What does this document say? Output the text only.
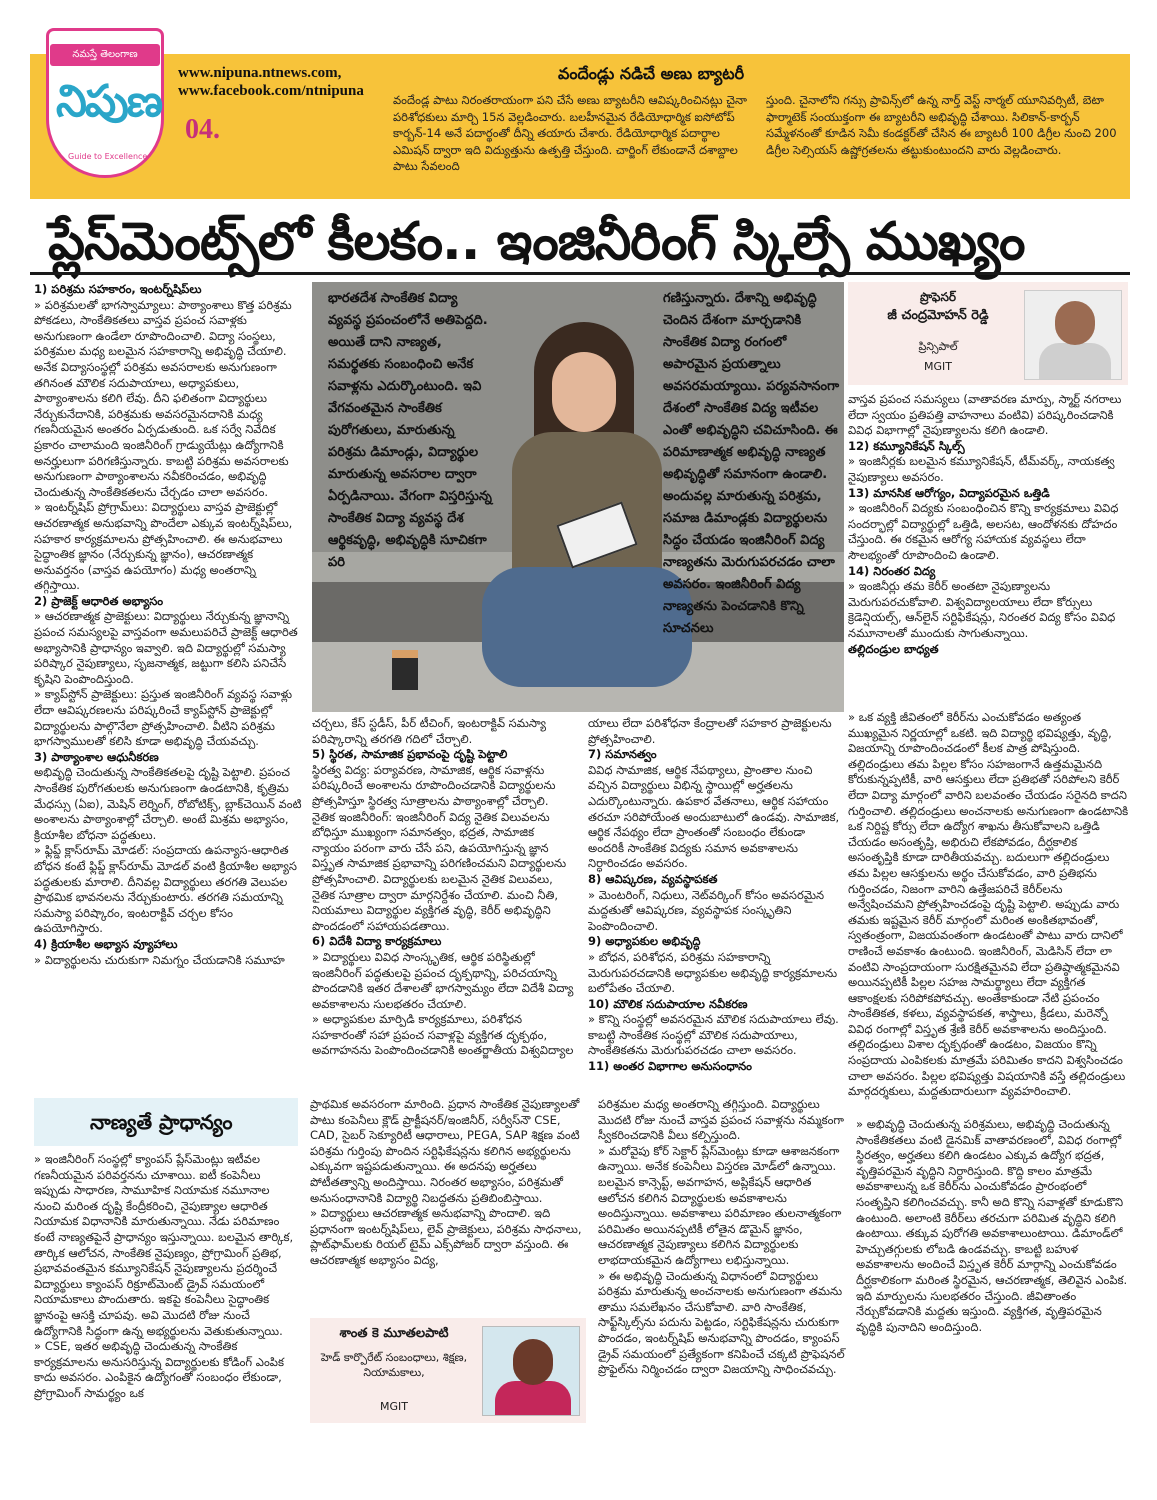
నమస్తే తెలంగాణ
నిపుణ
Guide to Excellence
04.
www.nipuna.ntnews.com,
www.facebook.com/ntnipuna
వందేండ్లు నడిచే అణు బ్యాటరీ
వందేండ్ల పాటు నిరంతరాయంగా పని చేసే అణు బ్యాటరీని ఆవిష్కరించినట్లు చైనా పరిశోధకులు మార్చి 15న వెల్లడించారు. బలహీనమైన రేడియోధార్మిక ఐసోటోప్ కార్బన్-14 అనే పదార్థంతో దీన్ని తయారు చేశారు. రేడియోధార్మిక పదార్థాల ఎమిషన్ ద్వారా ఇది విద్యుత్తును ఉత్పత్తి చేస్తుంది. చార్జింగ్ లేకుండానే దశాబ్దాల పాటు సేవలంది
స్తుంది. చైనాలోని గన్సు ప్రావిన్స్‌లో ఉన్న నార్త్ వెస్ట్ నార్మల్ యూనివర్సిటీ, బెటా ఫార్మాటెక్ సంయుక్తంగా ఈ బ్యాటరీని అభివృద్ధి చేశాయి. సిలికాన్-కార్బన్ సమ్మేళనంతో కూడిన సెమీ కండక్టర్‌తో చేసిన ఈ బ్యాటరీ 100 డిగ్రీల నుంచి 200 డిగ్రీల సెల్సియస్ ఉష్ణోగ్రతలను తట్టుకుంటుందని వారు వెల్లడించారు.
ప్లేస్‌మెంట్స్‌లో కీలకం.. ఇంజినీరింగ్ స్కిల్సే ముఖ్యం
1) పరిశ్రమ సహకారం, ఇంటర్న్‌షిప్‌లు
» పరిశ్రమలతో భాగస్వామ్యాలు: పాఠ్యాంశాలు కొత్త పరిశ్రమ పోకడలు, సాంకేతికతలు వాస్తవ ప్రపంచ సవాళ్లకు అనుగుణంగా ఉండేలా రూపొందించాలి. విద్యా సంస్థలు, పరిశ్రమల మధ్య బలమైన సహకారాన్ని అభివృద్ధి చేయాలి. అనేక విద్యాసంస్థల్లో పరిశ్రమ అవసరాలకు అనుగుణంగా తగినంత మౌలిక సదుపాయాలు, అధ్యాపకులు, పాఠ్యాంశాలను కలిగి లేవు. దీని ఫలితంగా విద్యార్థులు నేర్చుకునేదానికి, పరిశ్రమకు అవసరమైనదానికి మధ్య గణనీయమైన అంతరం ఏర్పడుతుంది. ఒక సర్వే నివేదిక ప్రకారం చాలామంది ఇంజినీరింగ్ గ్రాడ్యుయేట్లు ఉద్యోగానికి అనర్హులుగా పరిగణిస్తున్నారు. కాబట్టి పరిశ్రమ అవసరాలకు అనుగుణంగా పాఠ్యాంశాలను నవీకరించడం, అభివృద్ధి చెందుతున్న సాంకేతికతలను చేర్చడం చాలా అవసరం.
» ఇంటర్న్‌షిప్ ప్రోగ్రామ్‌లు: విద్యార్థులు వాస్తవ ప్రాజెక్టుల్లో ఆచరణాత్మక అనుభవాన్ని పొందేలా ఎక్కువ ఇంటర్న్‌షిప్‌లు, సహకార కార్యక్రమాలను ప్రోత్సహించాలి. ఈ అనుభవాలు సైద్ధాంతిక జ్ఞానం (నేర్చుకున్న జ్ఞానం), ఆచరణాత్మక అనువర్తనం (వాస్తవ ఉపయోగం) మధ్య అంతరాన్ని తగ్గిస్తాయి.
2) ప్రాజెక్ట్ ఆధారిత అభ్యాసం
» ఆచరణాత్మక ప్రాజెక్టులు: విద్యార్థులు నేర్చుకున్న జ్ఞానాన్ని ప్రపంచ సమస్యలపై వాస్తవంగా అమలుపరిచే ప్రాజెక్ట్ ఆధారిత అభ్యాసానికి ప్రాధాన్యం ఇవ్వాలి. ఇది విద్యార్థుల్లో సమస్యా పరిష్కార నైపుణ్యాలు, సృజనాత్మక, జట్టుగా కలిసి పనిచేసే కృషిని పెంపొందిస్తుంది.
» క్యాప్‌స్టోన్ ప్రాజెక్టులు: ప్రస్తుత ఇంజినీరింగ్ వ్యవస్థ సవాళ్లు లేదా ఆవిష్కరణలను పరిష్కరించే క్యాప్‌స్టోన్ ప్రాజెక్టుల్లో విద్యార్థులను పాల్గొనేలా ప్రోత్సహించాలి. వీటిని పరిశ్రమ భాగస్వాములతో కలిసి కూడా అభివృద్ధి చేయవచ్చు.
3) పాఠ్యాంశాల ఆధునీకరణ
అభివృద్ధి చెందుతున్న సాంకేతికతలపై దృష్టి పెట్టాలి. ప్రపంచ సాంకేతిక పురోగతులకు అనుగుణంగా ఉండటానికి, కృత్రిమ మేధస్సు (ఏఐ), మెషిన్ లెర్నింగ్, రోబోటిక్స్, బ్లాక్‌చెయిన్ వంటి అంశాలను పాఠ్యాంశాల్లో చేర్చాలి. అంటే మిశ్రమ అభ్యాసం, క్రియాశీల బోధనా పద్ధతులు.
» ఫ్లిప్డ్ క్లాస్‌రూమ్ మోడల్: సంప్రదాయ ఉపన్యాస-ఆధారిత బోధన కంటే ఫ్లిప్డ్ క్లాస్‌రూమ్ మోడల్ వంటి క్రియాశీల అభ్యాస పద్ధతులకు మారాలి. దీనివల్ల విద్యార్థులు తరగతి వెలుపల ప్రాథమిక భావనలను నేర్చుకుంటారు. తరగతి సమయాన్ని సమస్యా పరిష్కారం, ఇంటరాక్టివ్ చర్చల కోసం ఉపయోగిస్తారు.
4) క్రియాశీల అభ్యాస వ్యూహాలు
» విద్యార్థులను చురుకుగా నిమగ్నం చేయడానికి సమూహ
భారతదేశ సాంకేతిక విద్యా వ్యవస్థ ప్రపంచంలోనే అతిపెద్దది. అయితే దాని నాణ్యత, సమర్థతకు సంబంధించి అనేక సవాళ్లను ఎదుర్కొంటుంది. ఇవి వేగవంతమైన సాంకేతిక పురోగతులు, మారుతున్న పరిశ్రమ డిమాండ్లు, విద్యార్థుల మారుతున్న అవసరాల ద్వారా ఏర్పడినాయి. వేగంగా విస్తరిస్తున్న సాంకేతిక విద్యా వ్యవస్థ దేశ ఆర్థికవృద్ధి, అభివృద్ధికి సూచికగా పరి
గణిస్తున్నారు. దేశాన్ని అభివృద్ధి చెందిన దేశంగా మార్చడానికి సాంకేతిక విద్యా రంగంలో అపారమైన ప్రయత్నాలు అవసరమయ్యాయి. పర్యవసానంగా దేశంలో సాంకేతిక విద్య ఇటీవల ఎంతో అభివృద్ధిని చవిచూసింది. ఈ పరిమాణాత్మక అభివృద్ధి నాణ్యత అభివృద్ధితో సమానంగా ఉండాలి. అందువల్ల మారుతున్న పరిశ్రమ, సమాజ డిమాండ్లకు విద్యార్థులను సిద్ధం చేయడం ఇంజినీరింగ్ విద్య నాణ్యతను మెరుగుపరచడం చాలా అవసరం. ఇంజినీరింగ్ విద్య నాణ్యతను పెంచడానికి కొన్ని సూచనలు
చర్చలు, కేస్ స్టడీస్, పీర్ టీచింగ్, ఇంటరాక్టివ్ సమస్యా పరిష్కారాన్ని తరగతి గదిలో చేర్చాలి.
5) స్థిరత, సామాజిక ప్రభావంపై దృష్టి పెట్టాలి
స్థిరత్వ విద్య: పర్యావరణ, సామాజిక, ఆర్థిక సవాళ్లను పరిష్కరించే అంశాలను రూపొందించడానికి విద్యార్థులను ప్రోత్సహిస్తూ స్థిరత్వ సూత్రాలను పాఠ్యాంశాల్లో చేర్చాలి.
నైతిక ఇంజినీరింగ్: ఇంజినీరింగ్ విద్య నైతిక విలువలను బోధిస్తూ ముఖ్యంగా సమానత్వం, భద్రత, సామాజిక న్యాయం పరంగా వారు చేసే పని, ఉపయోగిస్తున్న జ్ఞాన విస్తృత సామాజిక ప్రభావాన్ని పరిగణించమని విద్యార్థులను ప్రోత్సహించాలి. విద్యార్థులకు బలమైన నైతిక విలువలు, నైతిక సూత్రాల ద్వారా మార్గనిర్దేశం చేయాలి. మంచి నీతి, నియమాలు విద్యార్థుల వ్యక్తిగత వృద్ధి, కెరీర్ అభివృద్ధిని పొందడంలో సహాయపడతాయి.
6) విదేశీ విద్యా కార్యక్రమాలు
» విద్యార్థులు వివిధ సాంస్కృతిక, ఆర్థిక పరిస్థితుల్లో ఇంజినీరింగ్ పద్ధతులపై ప్రపంచ దృక్పథాన్ని, పరిచయాన్ని పొందడానికి ఇతర దేశాలతో భాగస్వామ్యం లేదా విదేశీ విద్యా అవకాశాలను సులభతరం చేయాలి.
» అధ్యాపకుల మార్పిడి కార్యక్రమాలు, పరిశోధన సహకారంతో సహా ప్రపంచ సవాళ్లపై వ్యక్తిగత దృక్పథం, అవగాహనను పెంపొందించడానికి అంతర్జాతీయ విశ్వవిద్యాల
యాలు లేదా పరిశోధనా కేంద్రాలతో సహకార ప్రాజెక్టులను ప్రోత్సహించాలి.
7) సమానత్వం
వివిధ సామాజిక, ఆర్థిక నేపథ్యాలు, ప్రాంతాల నుంచి వచ్చిన విద్యార్థులు విభిన్న స్థాయిల్లో అర్హతలను ఎదుర్కొంటున్నారు. ఉపకార వేతనాలు, ఆర్థిక సహాయం తరచూ సరిపోయేంత అందుబాటులో ఉండవు. సామాజిక, ఆర్థిక నేపథ్యం లేదా ప్రాంతంతో సంబంధం లేకుండా అందరికీ సాంకేతిక విద్యకు సమాన అవకాశాలను నిర్ధారించడం అవసరం.
8) ఆవిష్కరణ, వ్యవస్థాపకత
» మెంటరింగ్, నిధులు, నెట్‌వర్కింగ్ కోసం అవసరమైన మద్దతుతో ఆవిష్కరణ, వ్యవస్థాపక సంస్కృతిని పెంపొందించాలి.
9) అధ్యాపకుల అభివృద్ధి
» బోధన, పరిశోధన, పరిశ్రమ సహకారాన్ని మెరుగుపరచడానికి అధ్యాపకుల అభివృద్ధి కార్యక్రమాలను బలోపేతం చేయాలి.
10) మౌలిక సదుపాయాల నవీకరణ
» కొన్ని సంస్థల్లో అవసరమైన మౌలిక సదుపాయాలు లేవు. కాబట్టి సాంకేతిక సంస్థల్లో మౌలిక సదుపాయాలు, సాంకేతికతను మెరుగుపరచడం చాలా అవసరం.
11) అంతర విభాగాల అనుసంధానం
ప్రొఫెసర్
జీ చంద్రమోహన్ రెడ్డి
ప్రిన్సిపాల్
MGIT
వాస్తవ ప్రపంచ సమస్యలు (వాతావరణ మార్పు, స్మార్ట్ నగరాలు లేదా స్వయం ప్రతిపత్తి వాహనాలు వంటివి) పరిష్కరించడానికి వివిధ విభాగాల్లో నైపుణ్యాలను కలిగి ఉండాలి.
12) కమ్యూనికేషన్ స్కిల్స్
» ఇంజినీర్లకు బలమైన కమ్యూనికేషన్, టీమ్‌వర్క్, నాయకత్వ నైపుణ్యాలు అవసరం.
13) మానసిక ఆరోగ్యం, విద్యాపరమైన ఒత్తిడి
» ఇంజినీరింగ్ విద్యకు సంబంధించిన కొన్ని కార్యక్రమాలు వివిధ సందర్భాల్లో విద్యార్థుల్లో ఒత్తిడి, అలసట, ఆందోళనకు దోహదం చేస్తుంది. ఈ రకమైన ఆరోగ్య సహాయక వ్యవస్థలు లేదా సౌలభ్యంతో రూపొందించి ఉండాలి.
14) నిరంతర విద్య
» ఇంజినీర్లు తమ కెరీర్ అంతటా నైపుణ్యాలను మెరుగుపరచుకోవాలి. విశ్వవిద్యాలయాలు లేదా కోర్సులు క్రెడెన్షియల్స్, ఆన్‌లైన్ సర్టిఫికేషన్లు, నిరంతర విద్య కోసం వివిధ నమూనాలతో ముందుకు సాగుతున్నాయి.
తల్లిదండ్రుల బాధ్యత
» ఒక వ్యక్తి జీవితంలో కెరీర్‌ను ఎంచుకోవడం అత్యంత ముఖ్యమైన నిర్ణయాల్లో ఒకటి. ఇది విద్యార్థి భవిష్యత్తు, వృద్ధి, విజయాన్ని రూపొందించడంలో కీలక పాత్ర పోషిస్తుంది. తల్లిదండ్రులు తమ పిల్లల కోసం సహజంగానే ఉత్తమమైనది కోరుకున్నప్పటికీ, వారి ఆసక్తులు లేదా ప్రతిభతో సరిపోలని కెరీర్ లేదా విద్యా మార్గంలో వారిని బలవంతం చేయడం సరైనది కాదని గుర్తించాలి. తల్లిదండ్రులు అంచనాలకు అనుగుణంగా ఉండటానికి ఒక నిర్దిష్ట కోర్సు లేదా ఉద్యోగ శాఖను తీసుకోవాలని ఒత్తిడి చేయడం అసంతృప్తి, అభిరుచి లేకపోవడం, దీర్ఘకాలిక అసంతృప్తికి కూడా దారితీయవచ్చు. బదులుగా తల్లిదండ్రులు తమ పిల్లల ఆసక్తులను అర్థం చేసుకోవడం, వారి ప్రతిభను గుర్తించడం, నిజంగా వారిని ఉత్తేజపరిచే కెరీర్‌లను అన్వేషించమని ప్రోత్సహించడంపై దృష్టి పెట్టాలి. అప్పుడు వారు తమకు ఇష్టమైన కెరీర్ మార్గంలో మరింత అంకితభావంతో, స్వతంత్రంగా, విజయవంతంగా ఉండటంతో పాటు వారు దానిలో రాణించే అవకాశం ఉంటుంది. ఇంజినీరింగ్, మెడిసిన్ లేదా లా వంటివి సాంప్రదాయంగా సురక్షితమైనవి లేదా ప్రతిష్ఠాత్మకమైనవి అయినప్పటికీ పిల్లల సహజ సామర్థ్యాలు లేదా వ్యక్తిగత ఆకాంక్షలకు సరిపోకపోవచ్చు. అంతేకాకుండా నేటి ప్రపంచం సాంకేతికత, కళలు, వ్యవస్థాపకత, శాస్త్రాలు, క్రీడలు, మరెన్నో వివిధ రంగాల్లో విస్తృత శ్రేణి కెరీర్ అవకాశాలను అందిస్తుంది. తల్లిదండ్రులు విశాల దృక్పథంతో ఉండటం, విజయం కొన్ని సంప్రదాయ ఎంపికలకు మాత్రమే పరిమితం కాదని విశ్వసించడం చాలా అవసరం. పిల్లల భవిష్యత్తు విషయానికి వస్తే తల్లిదండ్రులు మార్గదర్శకులు, మద్దతుదారులుగా వ్యవహరించాలి.
నాణ్యతే ప్రాధాన్యం
» ఇంజినీరింగ్ సంస్థల్లో క్యాంపస్ ప్లేస్‌మెంట్లు ఇటీవల గణనీయమైన పరివర్తనను చూశాయి. ఐటీ కంపెనీలు ఇప్పుడు సాధారణ, సామూహిక నియామక నమూనాల నుంచి మరింత దృష్టి కేంద్రీకరించి, నైపుణ్యాల ఆధారిత నియామక విధానానికి మారుతున్నాయి. నేడు పరిమాణం కంటే నాణ్యతపైనే ప్రాధాన్యం ఇస్తున్నాయి. బలమైన తార్కిక, తార్కిక ఆలోచన, సాంకేతిక నైపుణ్యం, ప్రోగ్రామింగ్ ప్రతిభ, ప్రభావవంతమైన కమ్యూనికేషన్ నైపుణ్యాలను ప్రదర్శించే విద్యార్థులు క్యాంపస్ రిక్రూట్‌మెంట్ డ్రైవ్ సమయంలో నియామకాలు పొందుతారు. ఇకపై కంపెనీలు సైద్ధాంతిక జ్ఞానంపై ఆసక్తి చూపవు. అవి మొదటి రోజు నుంచే ఉద్యోగానికి సిద్ధంగా ఉన్న అభ్యర్థులను వెతుకుతున్నాయి.
» CSE, ఇతర అభివృద్ధి చెందుతున్న సాంకేతిక కార్యక్రమాలను అనుసరిస్తున్న విద్యార్థులకు కోడింగ్ ఎంపిక కాదు అవసరం. ఎంపికైన ఉద్యోగంతో సంబంధం లేకుండా, ప్రోగ్రామింగ్ సామర్థ్యం ఒక
ప్రాథమిక అవసరంగా మారింది. ప్రధాన సాంకేతిక నైపుణ్యాలతో పాటు కంపెనీలు క్లౌడ్ ప్రాక్టీషనర్/ఇంజినీర్, సర్వీస్‌నౌ CSE, CAD, సైబర్ సెక్యూరిటీ ఆధారాలు, PEGA, SAP శిక్షణ వంటి పరిశ్రమ గుర్తింపు పొందిన సర్టిఫికేషన్లను కలిగిన అభ్యర్థులను ఎక్కువగా ఇష్టపడుతున్నాయి. ఈ అదనపు అర్హతలు పోటీతత్వాన్ని అందిస్తాయి. నిరంతర అభ్యాసం, పరిశ్రమతో అనుసంధానానికి విద్యార్థి నిబద్ధతను ప్రతిబింబిస్తాయి.
» విద్యార్థులు ఆచరణాత్మక అనుభవాన్ని పొందాలి. ఇది ప్రధానంగా ఇంటర్న్‌షిప్‌లు, లైవ్ ప్రాజెక్టులు, పరిశ్రమ సాధనాలు, ప్లాట్‌ఫామ్‌లకు రియల్ టైమ్ ఎక్స్‌పోజర్ ద్వారా వస్తుంది. ఈ ఆచరణాత్మక అభ్యాసం విద్య,
శాంత కె మూతలపాటి
హెడ్ కార్పొరేట్ సంబంధాలు, శిక్షణ, నియామకాలు,
MGIT
పరిశ్రమల మధ్య అంతరాన్ని తగ్గిస్తుంది. విద్యార్థులు మొదటి రోజు నుంచే వాస్తవ ప్రపంచ సవాళ్లను నమ్మకంగా స్వీకరించడానికి వీలు కల్పిస్తుంది.
» మరోవైపు కోర్ సెక్టార్ ప్లేస్‌మెంట్లు కూడా ఆశాజనకంగా ఉన్నాయి. అనేక కంపెనీలు విస్తరణ మోడ్‌లో ఉన్నాయి. బలమైన కాన్సెప్ట్, అవగాహన, అప్లికేషన్ ఆధారిత ఆలోచన కలిగిన విద్యార్థులకు అవకాశాలను అందిస్తున్నాయి. అవకాశాలు పరిమాణం తులనాత్మకంగా పరిమితం అయినప్పటికీ లోతైన డొమైన్ జ్ఞానం, ఆచరణాత్మక నైపుణ్యాలు కలిగిన విద్యార్థులకు లాభదాయకమైన ఉద్యోగాలు లభిస్తున్నాయి.
» ఈ అభివృద్ధి చెందుతున్న విధానంలో విద్యార్థులు పరిశ్రమ మారుతున్న అంచనాలకు అనుగుణంగా తమను తాము సమలేఖనం చేసుకోవాలి. వారి సాంకేతిక, సాఫ్ట్‌స్కిల్స్‌ను పదును పెట్టడం, సర్టిఫికేషన్లను చురుకుగా పొందడం, ఇంటర్న్‌షిప్ అనుభవాన్ని పొందడం, క్యాంపస్ డ్రైవ్ సమయంలో ప్రత్యేకంగా కనిపించే చక్కటి ప్రొఫెషనల్ ప్రొఫైల్‌ను నిర్మించడం ద్వారా విజయాన్ని సాధించవచ్చు.
» అభివృద్ధి చెందుతున్న పరిశ్రమలు, అభివృద్ధి చెందుతున్న సాంకేతికతలు వంటి డైనమిక్ వాతావరణంలో, వివిధ రంగాల్లో స్థిరత్వం, అర్హతలు కలిగి ఉండటం ఎక్కువ ఉద్యోగ భద్రత, వృత్తిపరమైన వృద్ధిని నిర్ధారిస్తుంది. కొద్ది కాలం మాత్రమే అవకాశాలున్న ఒక కెరీర్‌ను ఎంచుకోవడం ప్రారంభంలో సంతృప్తిని కలిగించవచ్చు. కానీ అది కొన్ని సవాళ్లతో కూడుకొని ఉంటుంది. అలాంటి కెరీర్‌లు తరచుగా పరిమిత వృద్ధిని కలిగి ఉంటాయి. తక్కువ పురోగతి అవకాశాలుంటాయి. డిమాండ్‌లో హెచ్చుతగ్గులకు లోబడి ఉండవచ్చు. కాబట్టి బహుళ అవకాశాలను అందించే విస్తృత కెరీర్ మార్గాన్ని ఎంచుకోవడం దీర్ఘకాలికంగా మరింత స్థిరమైన, ఆచరణాత్మక, తెలివైన ఎంపిక. ఇది మార్పులను సులభతరం చేస్తుంది. జీవితాంతం నేర్చుకోవడానికి మద్దతు ఇస్తుంది. వ్యక్తిగత, వృత్తిపరమైన వృద్ధికి పునాదిని అందిస్తుంది.
